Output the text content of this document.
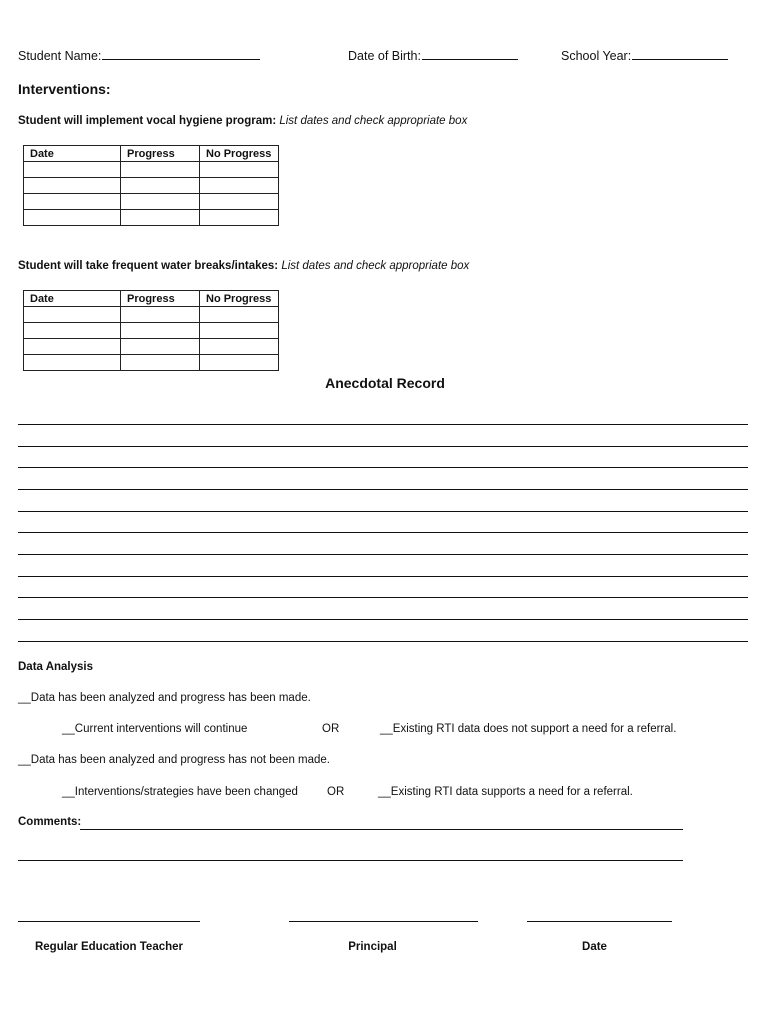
Student Name:	Date of Birth:	School Year:
Interventions:
Student will implement vocal hygiene program: List dates and check appropriate box
Date	Progress	No Progress

Student will take frequent water breaks/intakes: List dates and check appropriate box
Date	Progress	No Progress

Anecdotal Record
Data Analysis
__Data has been analyzed and progress has been made.
__Current interventions will continue	OR	__Existing RTI data does not support a need for a referral.
__Data has been analyzed and progress has not been made.
__Interventions/strategies have been changed	OR	__Existing RTI data supports a need for a referral.
Comments:
Regular Education Teacher	Principal	Date
